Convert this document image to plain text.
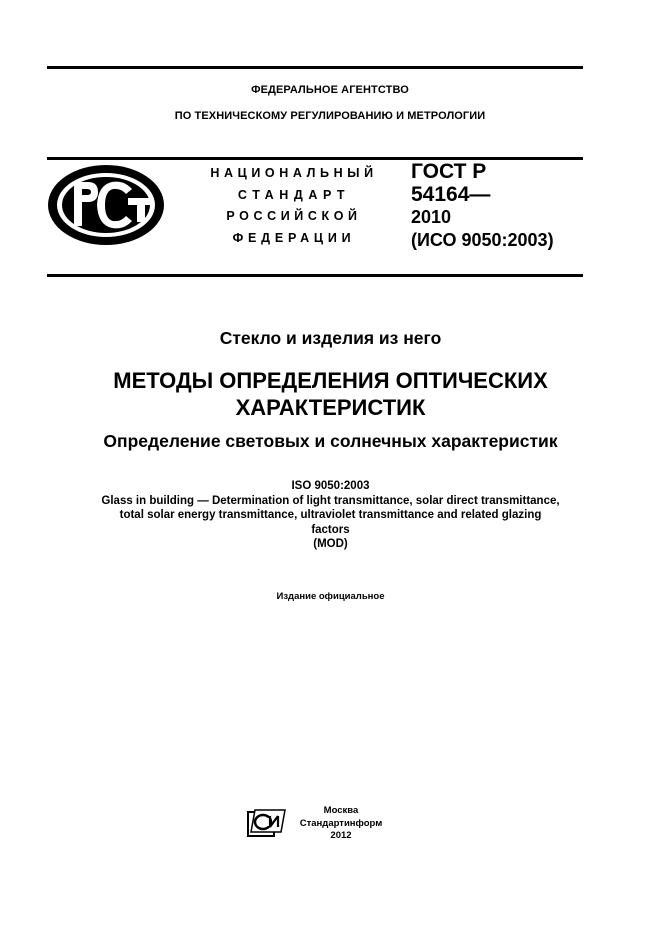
ФЕДЕРАЛЬНОЕ АГЕНТСТВО
ПО ТЕХНИЧЕСКОМУ РЕГУЛИРОВАНИЮ И МЕТРОЛОГИИ
НАЦИОНАЛЬНЫЙ
СТАНДАРТ
РОССИЙСКОЙ
ФЕДЕРАЦИИ
ГОСТ Р
54164—
2010
(ИСО 9050:2003)
Стекло и изделия из него
МЕТОДЫ ОПРЕДЕЛЕНИЯ ОПТИЧЕСКИХ
ХАРАКТЕРИСТИК
Определение световых и солнечных характеристик
ISO 9050:2003
Glass in building — Determination of light transmittance, solar direct transmittance,
total solar energy transmittance, ultraviolet transmittance and related glazing
factors
(MOD)
Издание официальное
Москва
Стандартинформ
2012
